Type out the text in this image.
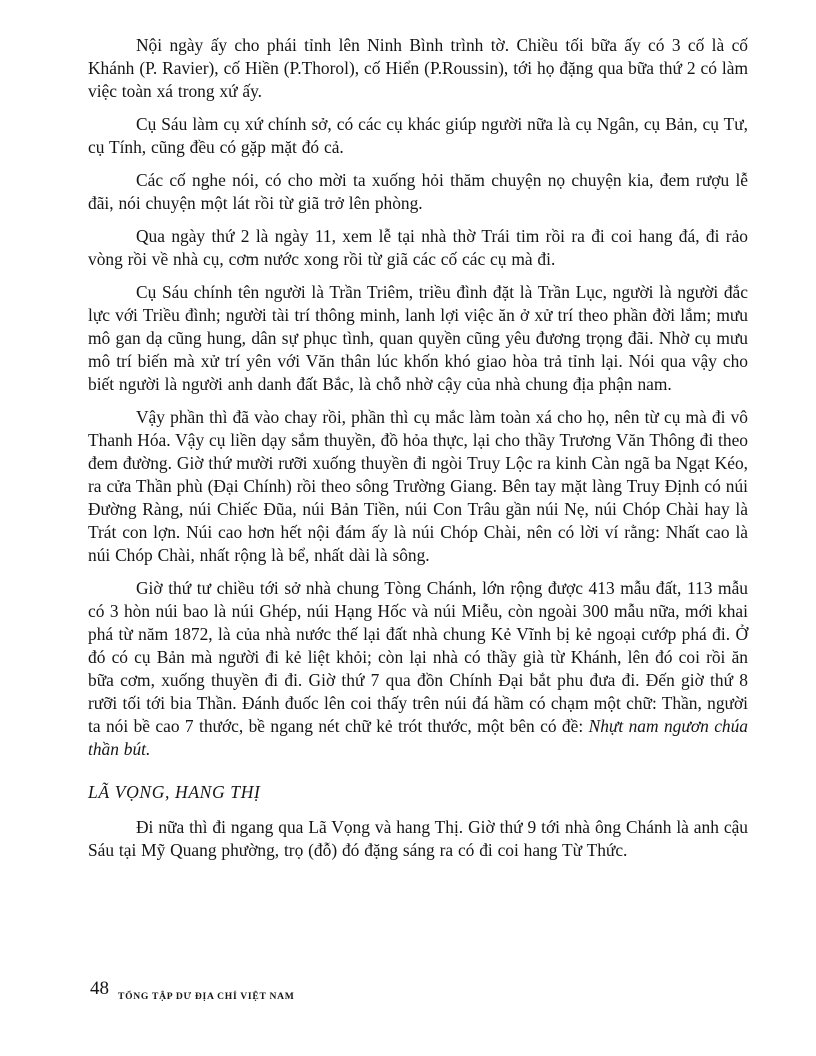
Nội ngày ấy cho phái tỉnh lên Ninh Bình trình tờ. Chiều tối bữa ấy có 3 cố là cố Khánh (P. Ravier), cố Hiền (P.Thorol), cố Hiển (P.Roussin), tới họ đặng qua bữa thứ 2 có làm việc toàn xá trong xứ ấy.

Cụ Sáu làm cụ xứ chính sở, có các cụ khác giúp người nữa là cụ Ngân, cụ Bản, cụ Tư, cụ Tính, cũng đều có gặp mặt đó cả.

Các cố nghe nói, có cho mời ta xuống hỏi thăm chuyện nọ chuyện kia, đem rượu lễ đãi, nói chuyện một lát rồi từ giã trở lên phòng.

Qua ngày thứ 2 là ngày 11, xem lễ tại nhà thờ Trái tim rồi ra đi coi hang đá, đi rảo vòng rồi về nhà cụ, cơm nước xong rồi từ giã các cố các cụ mà đi.

Cụ Sáu chính tên người là Trần Triêm, triều đình đặt là Trần Lục, người là người đắc lực với Triều đình; người tài trí thông minh, lanh lợi việc ăn ở xử trí theo phần đời lắm; mưu mô gan dạ cũng hung, dân sự phục tình, quan quyền cũng yêu đương trọng đãi. Nhờ cụ mưu mô trí biến mà xử trí yên với Văn thân lúc khốn khó giao hòa trả tỉnh lại. Nói qua vậy cho biết người là người anh danh đất Bắc, là chỗ nhờ cậy của nhà chung địa phận nam.

Vậy phần thì đã vào chay rồi, phần thì cụ mắc làm toàn xá cho họ, nên từ cụ mà đi vô Thanh Hóa. Vậy cụ liền dạy sắm thuyền, đồ hỏa thực, lại cho thầy Trương Văn Thông đi theo đem đường. Giờ thứ mười rưỡi xuống thuyền đi ngòi Truy Lộc ra kinh Càn ngã ba Ngạt Kéo, ra cửa Thần phù (Đại Chính) rồi theo sông Trường Giang. Bên tay mặt làng Truy Định có núi Đường Ràng, núi Chiếc Đũa, núi Bản Tiền, núi Con Trâu gần núi Nẹ, núi Chóp Chài hay là Trát con lợn. Núi cao hơn hết nội đám ấy là núi Chóp Chài, nên có lời ví rằng: Nhất cao là núi Chóp Chài, nhất rộng là bể, nhất dài là sông.

Giờ thứ tư chiều tới sở nhà chung Tòng Chánh, lớn rộng được 413 mẫu đất, 113 mẫu có 3 hòn núi bao là núi Ghép, núi Hạng Hốc và núi Miễu, còn ngoài 300 mẫu nữa, mới khai phá từ năm 1872, là của nhà nước thế lại đất nhà chung Kẻ Vĩnh bị kẻ ngoại cướp phá đi. Ở đó có cụ Bản mà người đi kẻ liệt khỏi; còn lại nhà có thầy già từ Khánh, lên đó coi rồi ăn bữa cơm, xuống thuyền đi đi. Giờ thứ 7 qua đồn Chính Đại bắt phu đưa đi. Đến giờ thứ 8 rưỡi tối tới bia Thần. Đánh đuốc lên coi thấy trên núi đá hầm có chạm một chữ: Thần, người ta nói bề cao 7 thước, bề ngang nét chữ kẻ trót thước, một bên có đề: Nhựt nam ngươn chúa thần bút.

LÃ VỌNG, HANG THỊ

Đi nữa thì đi ngang qua Lã Vọng và hang Thị. Giờ thứ 9 tới nhà ông Chánh là anh cậu Sáu tại Mỹ Quang phường, trọ (đỗ) đó đặng sáng ra có đi coi hang Từ Thức.

48 TỔNG TẬP DƯ ĐỊA CHÍ VIỆT NAM
